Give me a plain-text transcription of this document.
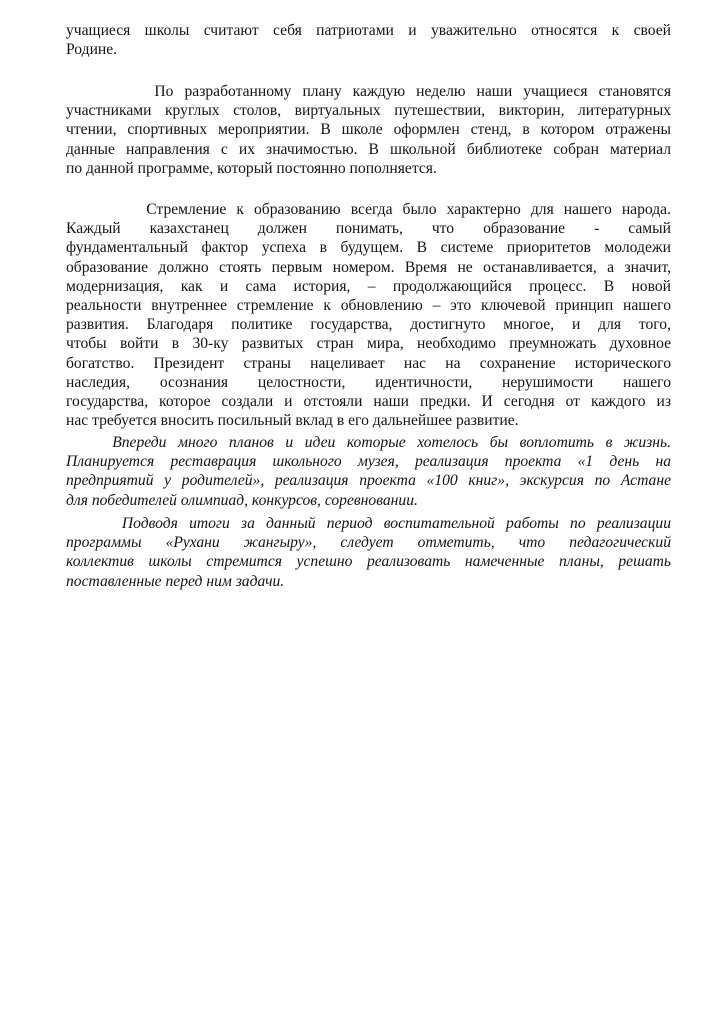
учащиеся школы считают себя патриотами и уважительно относятся к своей
Родине.
По разработанному плану каждую неделю наши учащиеся становятся
участниками круглых столов, виртуальных путешествии, викторин, литературных
чтении, спортивных мероприятии. В школе оформлен стенд, в котором отражены
данные направления с их значимостью. В школьной библиотеке собран материал
по данной программе, который постоянно пополняется.
Стремление к образованию всегда было характерно для нашего народа.
Каждый казахстанец должен понимать, что образование - самый
фундаментальный фактор успеха в будущем. В системе приоритетов молодежи
образование должно стоять первым номером. Время не останавливается, а значит,
модернизация, как и сама история, – продолжающийся процесс. В новой
реальности внутреннее стремление к обновлению – это ключевой принцип нашего
развития. Благодаря политике государства, достигнуто многое, и для того,
чтобы войти в 30-ку развитых стран мира, необходимо преумножать духовное
богатство. Президент страны нацеливает нас на сохранение исторического
наследия, осознания целостности, идентичности, нерушимости нашего
государства, которое создали и отстояли наши предки. И сегодня от каждого из
нас требуется вносить посильный вклад в его дальнейшее развитие.
Впереди много планов и идеи которые хотелось бы воплотить в жизнь.
Планируется реставрация школьного музея, реализация проекта «1 день на
предприятий у родителей», реализация проекта «100 книг», экскурсия по Астане
для победителей олимпиад, конкурсов, соревновании.
Подводя итоги за данный период воспитательной работы по реализации
программы «Рухани жангыру», следует отметить, что педагогический
коллектив школы стремится успешно реализовать намеченные планы, решать
поставленные перед ним задачи.
